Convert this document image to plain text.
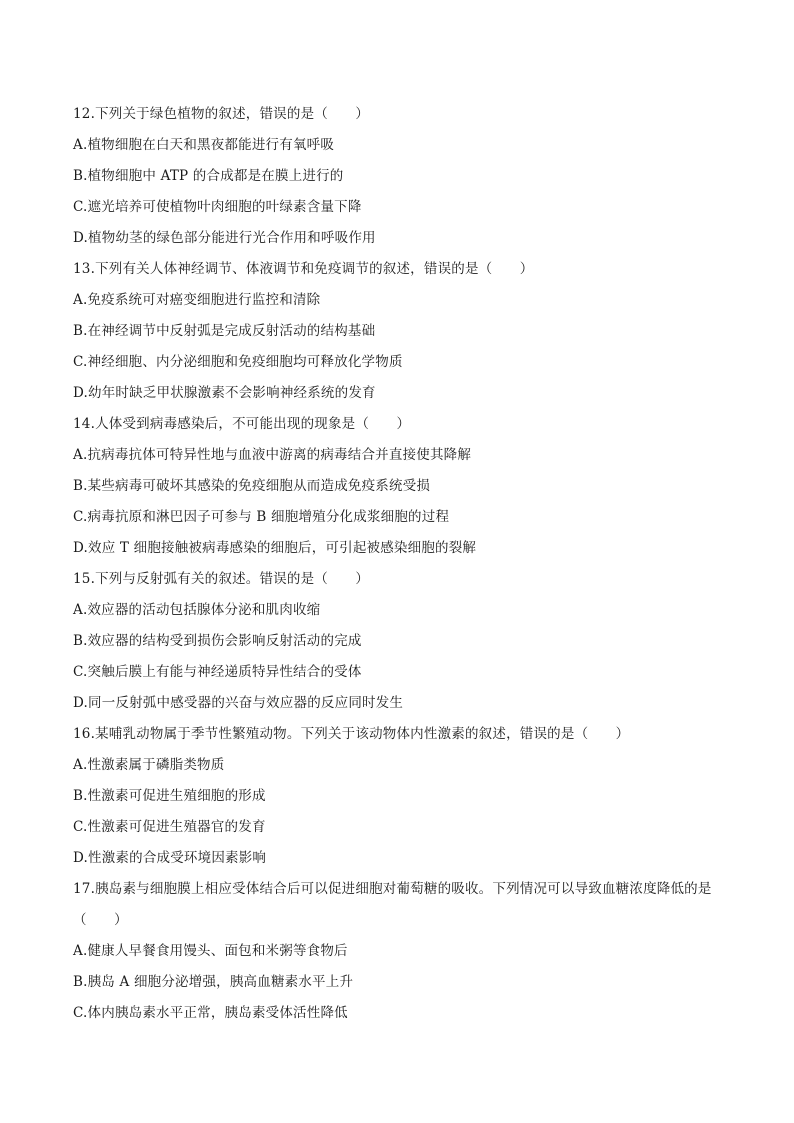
12.下列关于绿色植物的叙述，错误的是（　　）
A.植物细胞在白天和黑夜都能进行有氧呼吸
B.植物细胞中 ATP 的合成都是在膜上进行的
C.遮光培养可使植物叶肉细胞的叶绿素含量下降
D.植物幼茎的绿色部分能进行光合作用和呼吸作用
13.下列有关人体神经调节、体液调节和免疫调节的叙述，错误的是（　　）
A.免疫系统可对癌变细胞进行监控和清除
B.在神经调节中反射弧是完成反射活动的结构基础
C.神经细胞、内分泌细胞和免疫细胞均可释放化学物质
D.幼年时缺乏甲状腺激素不会影响神经系统的发育
14.人体受到病毒感染后，不可能出现的现象是（　　）
A.抗病毒抗体可特异性地与血液中游离的病毒结合并直接使其降解
B.某些病毒可破坏其感染的免疫细胞从而造成免疫系统受损
C.病毒抗原和淋巴因子可参与 B 细胞增殖分化成浆细胞的过程
D.效应 T 细胞接触被病毒感染的细胞后，可引起被感染细胞的裂解
15.下列与反射弧有关的叙述。错误的是（　　）
A.效应器的活动包括腺体分泌和肌肉收缩
B.效应器的结构受到损伤会影响反射活动的完成
C.突触后膜上有能与神经递质特异性结合的受体
D.同一反射弧中感受器的兴奋与效应器的反应同时发生
16.某哺乳动物属于季节性繁殖动物。下列关于该动物体内性激素的叙述，错误的是（　　）
A.性激素属于磷脂类物质
B.性激素可促进生殖细胞的形成
C.性激素可促进生殖器官的发育
D.性激素的合成受环境因素影响
17.胰岛素与细胞膜上相应受体结合后可以促进细胞对葡萄糖的吸收。下列情况可以导致血糖浓度降低的是（　　）
A.健康人早餐食用馒头、面包和米粥等食物后
B.胰岛 A 细胞分泌增强，胰高血糖素水平上升
C.体内胰岛素水平正常，胰岛素受体活性降低
